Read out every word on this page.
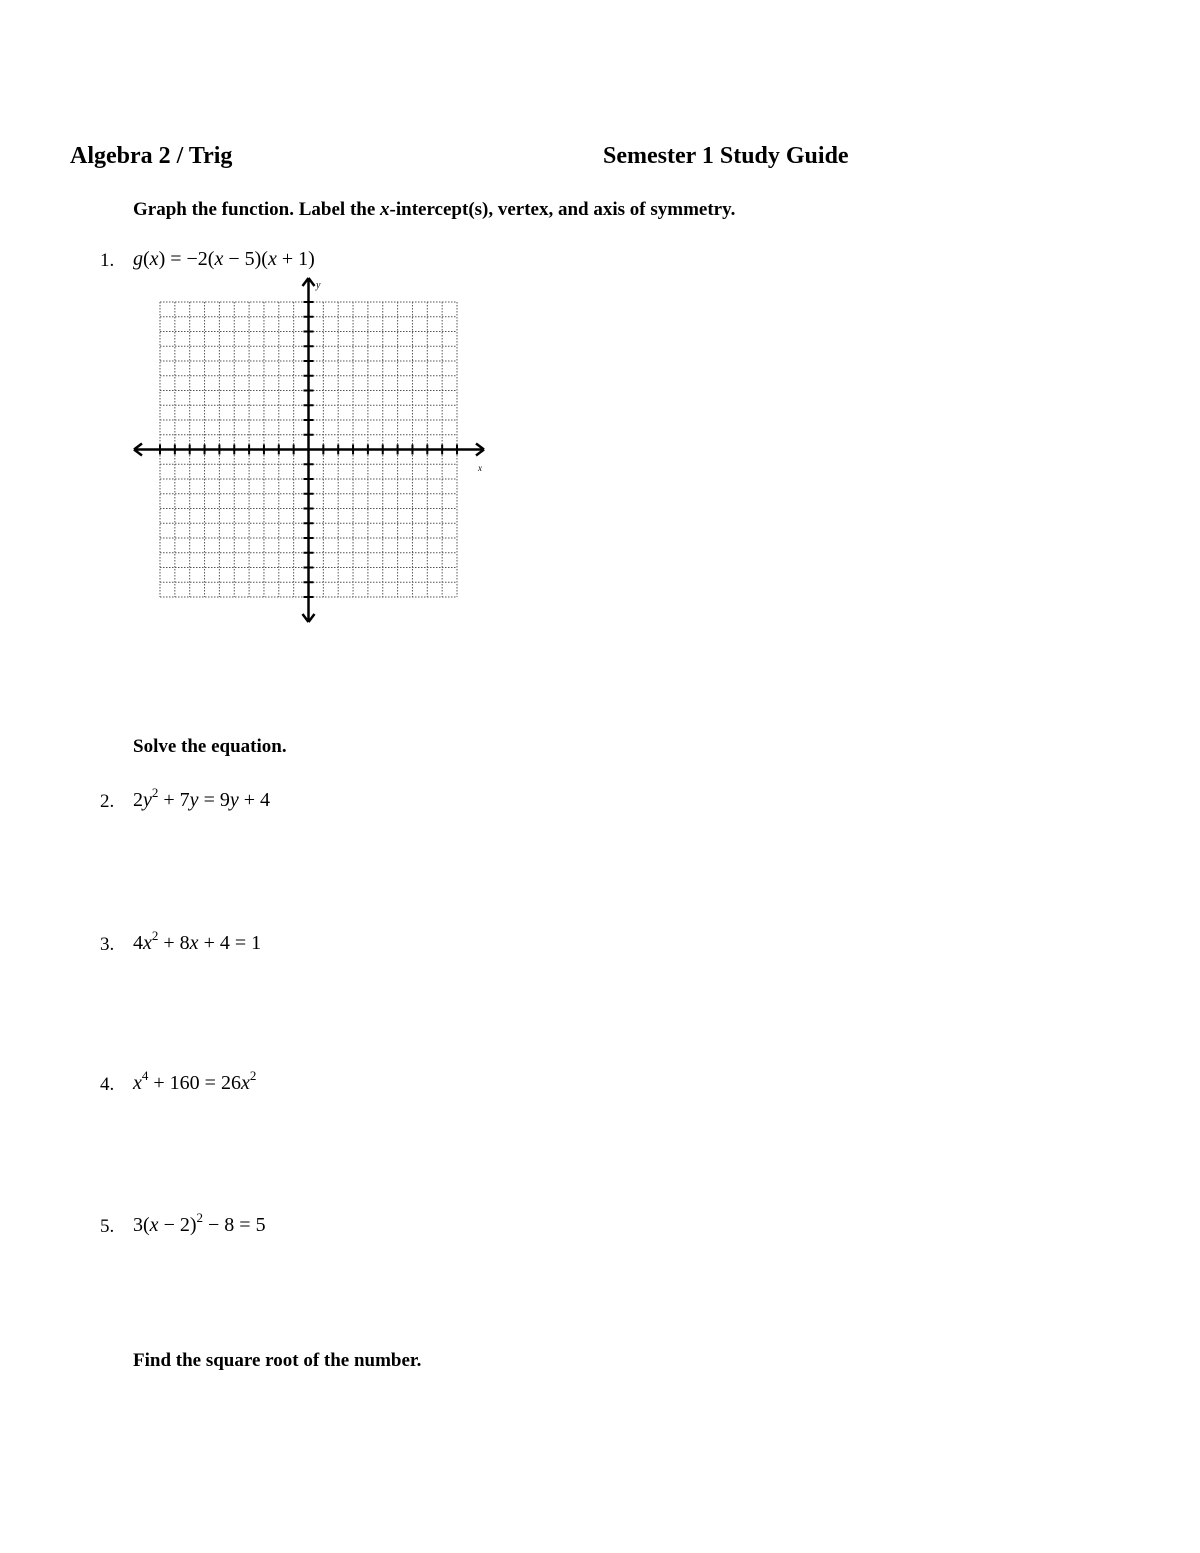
Algebra 2 / Trig	Semester 1 Study Guide
Graph the function. Label the x-intercept(s), vertex, and axis of symmetry.
1. g(x) = −2(x − 5)(x + 1)
x
y
Solve the equation.
2. $2y^2 + 7y = 9y + 4$
3. $4x^2 + 8x + 4 = 1$
4. $x^4 + 160 = 26x^2$
5. $3(x - 2)^2 - 8 = 5$
Find the square root of the number.
